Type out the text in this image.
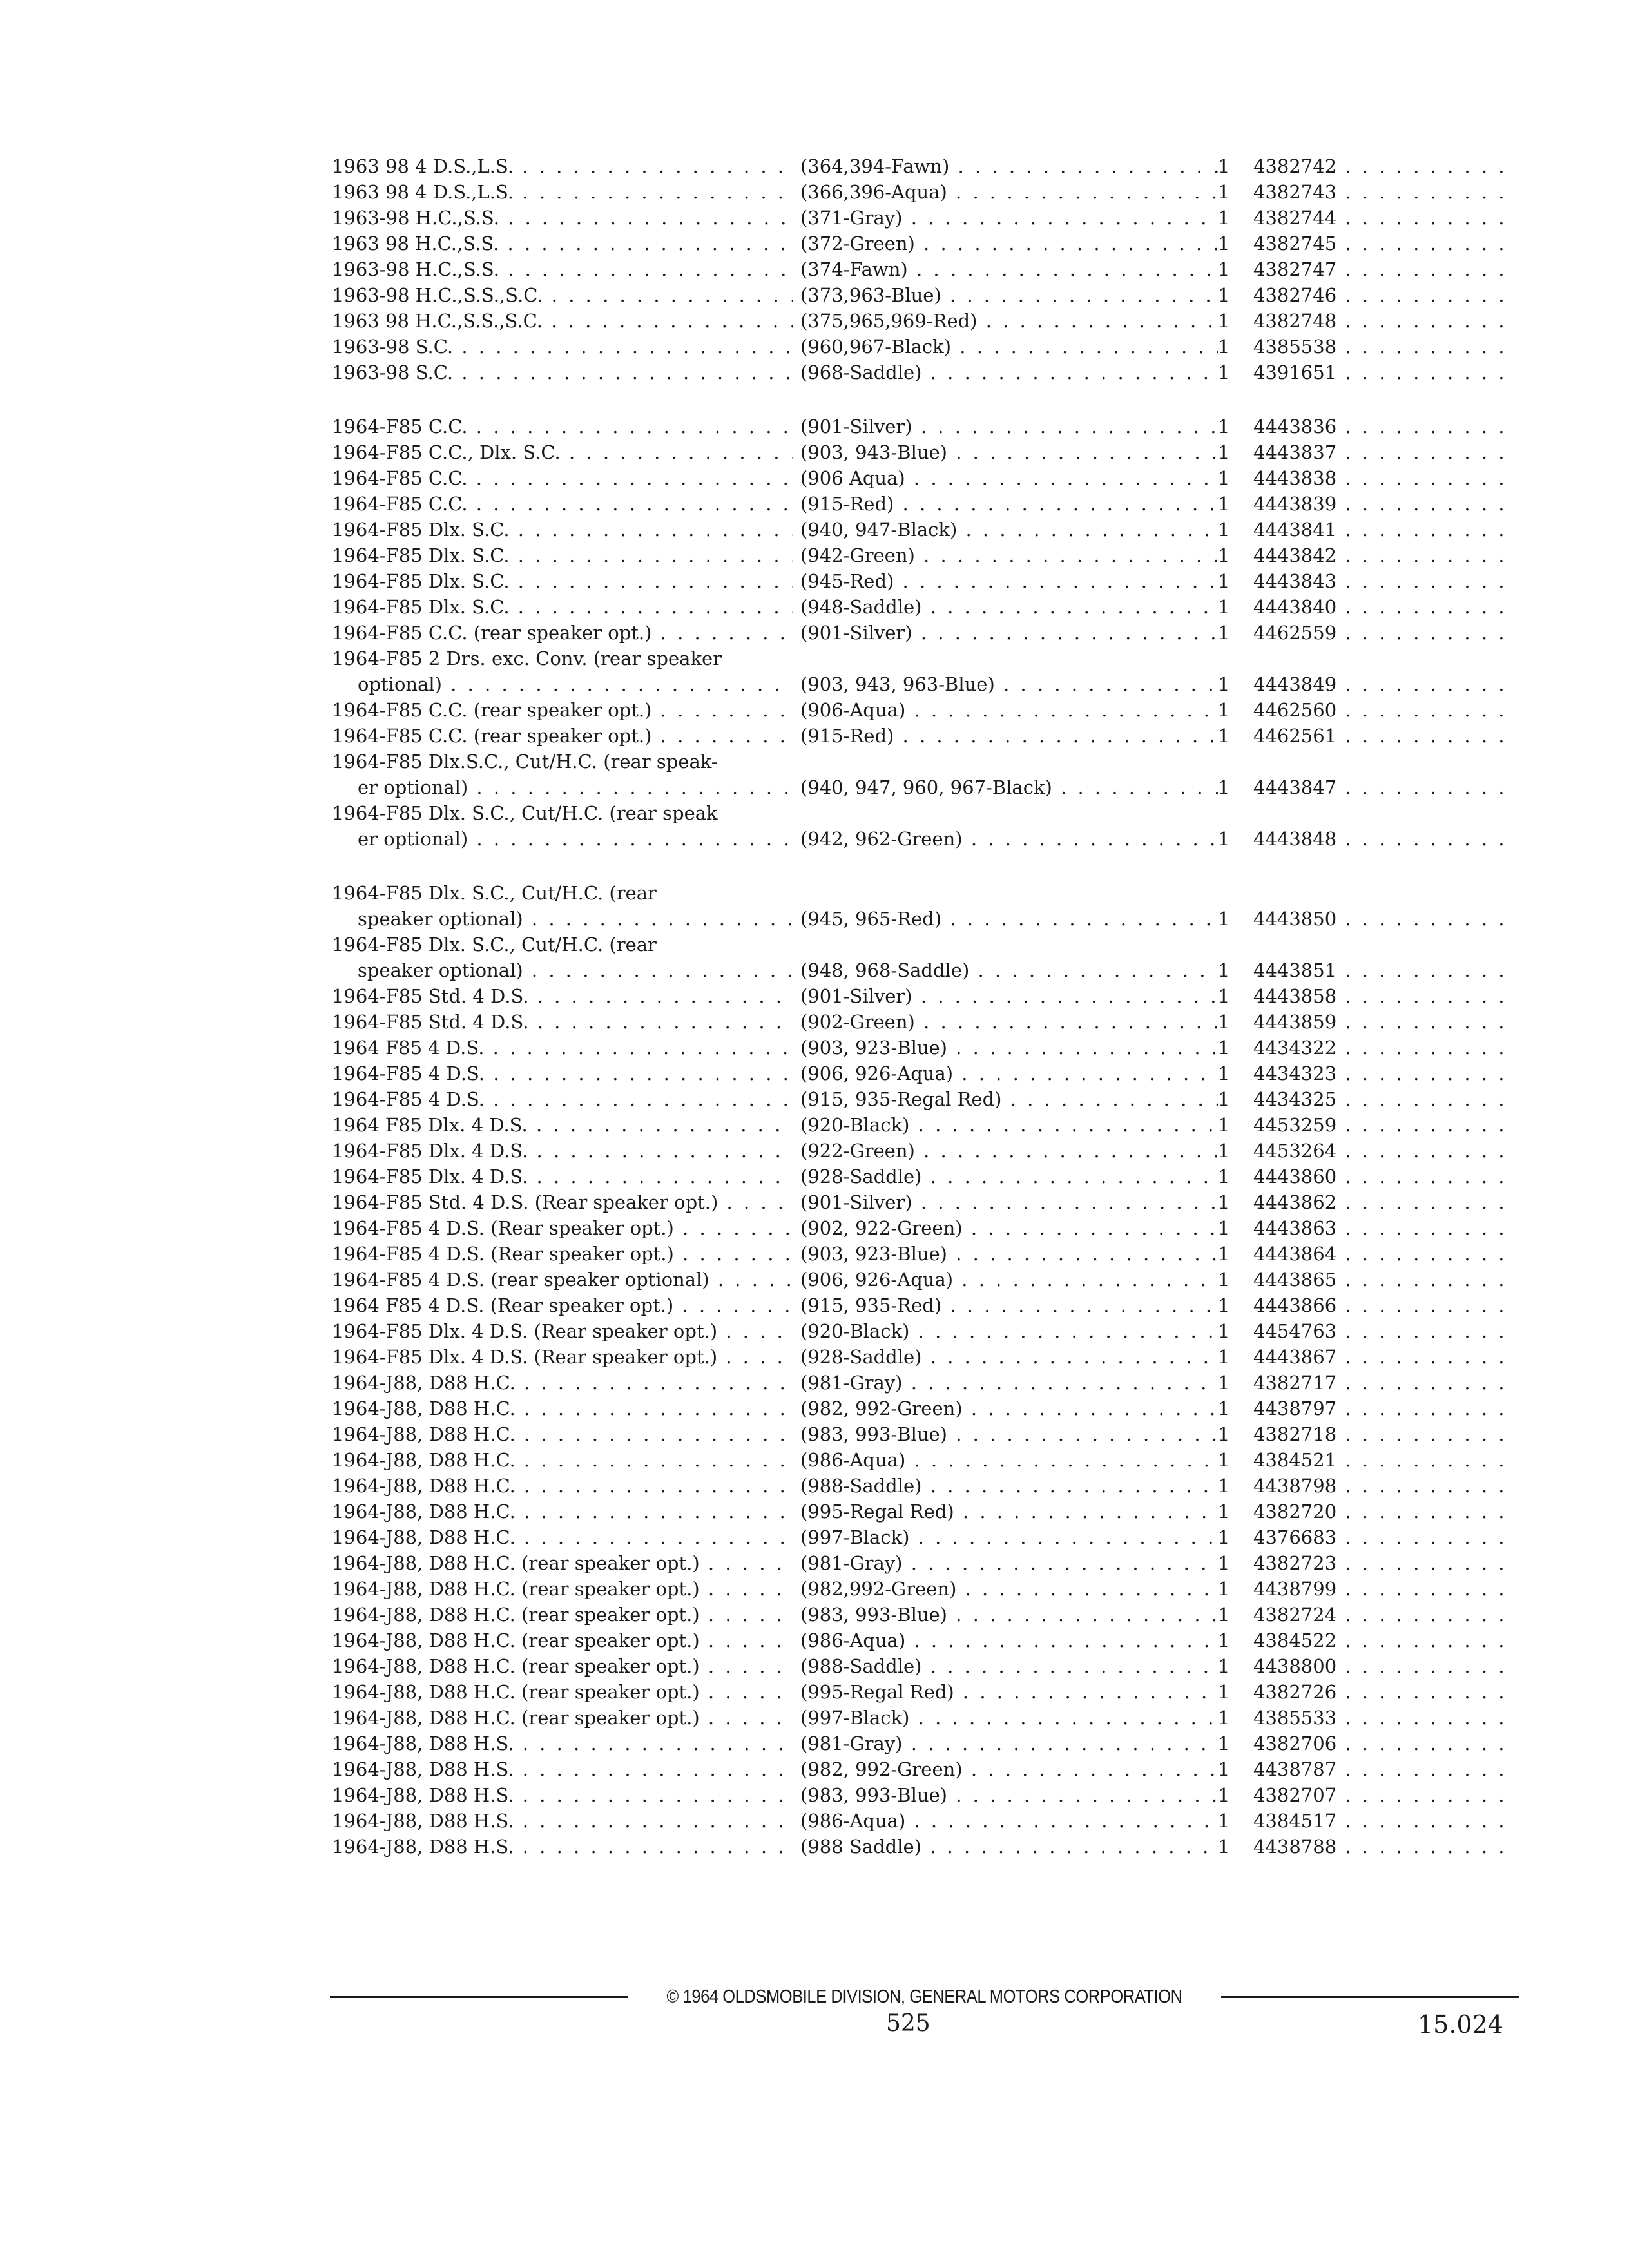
1963 98 4 D.S.,L.S. . . .	(364,394-Fawn) . . .	1	4382742 . . .
1963 98 4 D.S.,L.S. . . .	(366,396-Aqua) . . .	1	4382743 . . .
1963-98 H.C.,S.S. . . .	(371-Gray) . . .	1	4382744 . . .
1963 98 H.C.,S.S. . . .	(372-Green) . . .	1	4382745 . . .
1963-98 H.C.,S.S. . . .	(374-Fawn) . . .	1	4382747 . . .
1963-98 H.C.,S.S.,S.C. . . .	(373,963-Blue) . . .	1	4382746 . . .
1963 98 H.C.,S.S.,S.C. . . .	(375,965,969-Red) . . .	1	4382748 . . .
1963-98 S.C. . . .	(960,967-Black) . . .	1	4385538 . . .
1963-98 S.C. . . .	(968-Saddle) . . .	1	4391651 . . .
1964-F85 C.C. . . .	(901-Silver) . . .	1	4443836 . . .
1964-F85 C.C., Dlx. S.C. . . .	(903, 943-Blue) . . .	1	4443837 . . .
1964-F85 C.C. . . .	(906 Aqua) . . .	1	4443838 . . .
1964-F85 C.C. . . .	(915-Red) . . .	1	4443839 . . .
1964-F85 Dlx. S.C. . . .	(940, 947-Black) . . .	1	4443841 . . .
1964-F85 Dlx. S.C. . . .	(942-Green) . . .	1	4443842 . . .
1964-F85 Dlx. S.C. . . .	(945-Red) . . .	1	4443843 . . .
1964-F85 Dlx. S.C. . . .	(948-Saddle) . . .	1	4443840 . . .
1964-F85 C.C. (rear speaker opt.) . . .	(901-Silver) . . .	1	4462559 . . .
1964-F85 2 Drs. exc. Conv. (rear speaker
optional) . . .	(903, 943, 963-Blue) . . .	1	4443849 . . .
1964-F85 C.C. (rear speaker opt.) . . .	(906-Aqua) . . .	1	4462560 . . .
1964-F85 C.C. (rear speaker opt.) . . .	(915-Red) . . .	1	4462561 . . .
1964-F85 Dlx.S.C., Cut/H.C. (rear speak-
er optional) . . .	(940, 947, 960, 967-Black) . . .	1	4443847 . . .
1964-F85 Dlx. S.C., Cut/H.C. (rear speak
er optional) . . .	(942, 962-Green) . . .	1	4443848 . . .
1964-F85 Dlx. S.C., Cut/H.C. (rear
speaker optional) . . .	(945, 965-Red) . . .	1	4443850 . . .
1964-F85 Dlx. S.C., Cut/H.C. (rear
speaker optional) . . .	(948, 968-Saddle) . . .	1	4443851 . . .
1964-F85 Std. 4 D.S. . . .	(901-Silver) . . .	1	4443858 . . .
1964-F85 Std. 4 D.S. . . .	(902-Green) . . .	1	4443859 . . .
1964 F85 4 D.S. . . .	(903, 923-Blue) . . .	1	4434322 . . .
1964-F85 4 D.S. . . .	(906, 926-Aqua) . . .	1	4434323 . . .
1964-F85 4 D.S. . . .	(915, 935-Regal Red) . . .	1	4434325 . . .
1964 F85 Dlx. 4 D.S. . . .	(920-Black) . . .	1	4453259 . . .
1964-F85 Dlx. 4 D.S. . . .	(922-Green) . . .	1	4453264 . . .
1964-F85 Dlx. 4 D.S. . . .	(928-Saddle) . . .	1	4443860 . . .
1964-F85 Std. 4 D.S. (Rear speaker opt.) . . .	(901-Silver) . . .	1	4443862 . . .
1964-F85 4 D.S. (Rear speaker opt.) . . .	(902, 922-Green) . . .	1	4443863 . . .
1964-F85 4 D.S. (Rear speaker opt.) . . .	(903, 923-Blue) . . .	1	4443864 . . .
1964-F85 4 D.S. (rear speaker optional) . . .	(906, 926-Aqua) . . .	1	4443865 . . .
1964 F85 4 D.S. (Rear speaker opt.) . . .	(915, 935-Red) . . .	1	4443866 . . .
1964-F85 Dlx. 4 D.S. (Rear speaker opt.) . . .	(920-Black) . . .	1	4454763 . . .
1964-F85 Dlx. 4 D.S. (Rear speaker opt.) . . .	(928-Saddle) . . .	1	4443867 . . .
1964-J88, D88 H.C. . . .	(981-Gray) . . .	1	4382717 . . .
1964-J88, D88 H.C. . . .	(982, 992-Green) . . .	1	4438797 . . .
1964-J88, D88 H.C. . . .	(983, 993-Blue) . . .	1	4382718 . . .
1964-J88, D88 H.C. . . .	(986-Aqua) . . .	1	4384521 . . .
1964-J88, D88 H.C. . . .	(988-Saddle) . . .	1	4438798 . . .
1964-J88, D88 H.C. . . .	(995-Regal Red) . . .	1	4382720 . . .
1964-J88, D88 H.C. . . .	(997-Black) . . .	1	4376683 . . .
1964-J88, D88 H.C. (rear speaker opt.) . . .	(981-Gray) . . .	1	4382723 . . .
1964-J88, D88 H.C. (rear speaker opt.) . . .	(982,992-Green) . . .	1	4438799 . . .
1964-J88, D88 H.C. (rear speaker opt.) . . .	(983, 993-Blue) . . .	1	4382724 . . .
1964-J88, D88 H.C. (rear speaker opt.) . . .	(986-Aqua) . . .	1	4384522 . . .
1964-J88, D88 H.C. (rear speaker opt.) . . .	(988-Saddle) . . .	1	4438800 . . .
1964-J88, D88 H.C. (rear speaker opt.) . . .	(995-Regal Red) . . .	1	4382726 . . .
1964-J88, D88 H.C. (rear speaker opt.) . . .	(997-Black) . . .	1	4385533 . . .
1964-J88, D88 H.S. . . .	(981-Gray) . . .	1	4382706 . . .
1964-J88, D88 H.S. . . .	(982, 992-Green) . . .	1	4438787 . . .
1964-J88, D88 H.S. . . .	(983, 993-Blue) . . .	1	4382707 . . .
1964-J88, D88 H.S. . . .	(986-Aqua) . . .	1	4384517 . . .
1964-J88, D88 H.S. . . .	(988 Saddle) . . .	1	4438788 . . .
© 1964 OLDSMOBILE DIVISION, GENERAL MOTORS CORPORATION
525	15.024
